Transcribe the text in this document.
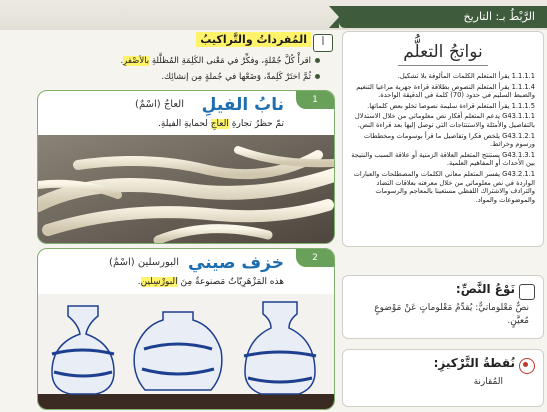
الرَّبْطُ بـ: التاريخ
أ
المُفرداتُ والتَّراكيبُ
اقرأْ كُلَّ جُمْلةٍ، وفكِّرْ في مَعْنى الكَلِمَةِ المُظلَّلةِ بالأصْفرِ.
ثُمَّ اختَرْ كَلِمةً، وَضَعْها في جُملةٍ مِن إنشائِك.
1
نابُ الفيلِ
العاجُ (اسْمٌ)
تمّ حظرُ تجارةِ العاجِ لحمايةِ الفيلةِ.
2
خزف صيني
البورسلين (اسْمٌ)
هذه المَزْهَرِيّاتُ مَصنوعةٌ مِنَ البورْسِلين.
نواتجُ التعلُّم

1.1.1.1 يقرأ المتعلم الكلمات المألوفة بلا تشكيل.

1.1.1.4 يقرأ المتعلم النصوص بطلاقة قراءة جهرية مراعيا التنغيم والضبط السليم في حدود (70) كلمة في الدقيقة الواحدة.

1.1.1.5 يقرأ المتعلم قراءة سليمة نصوصا تخلو بعض كلماتها.

G43.1.1.1 يدعم المتعلم أفكار نص معلوماتي من خلال الاستدلال بالتفاصيل والأمثلة والاستنتاجات التي توصل إليها بعد قراءة النص.

G43.1.2.1 يلخص فكرا وتفاصيل ما قرأ بوسومات ومخططات ورسوم وخرائط.

G43.1.3.1 يستنتج المتعلم العلاقة الزمنية أو علاقة السبب والنتيجة بين الأحداث أو المفاهيم العلمية.

G43.2.1.1 يفسر المتعلم معاني الكلمات والمصطلحات والعبارات الواردة في نص معلوماتي من خلال معرفته بعلاقات التضاد والترادف والاشتراك اللفظي مستعينا بالمعاجم والرسومات والموضوعات والمواد.

نَوْعُ النَّصِّ:
نصٌّ مَعْلوماتيٌّ: يُقدِّمُ مَعْلوماتٍ عَنْ مَوْضوعٍ مُعيَّنٍ.
نُقطةُ التَّرْكيزِ:
المُقارنة
